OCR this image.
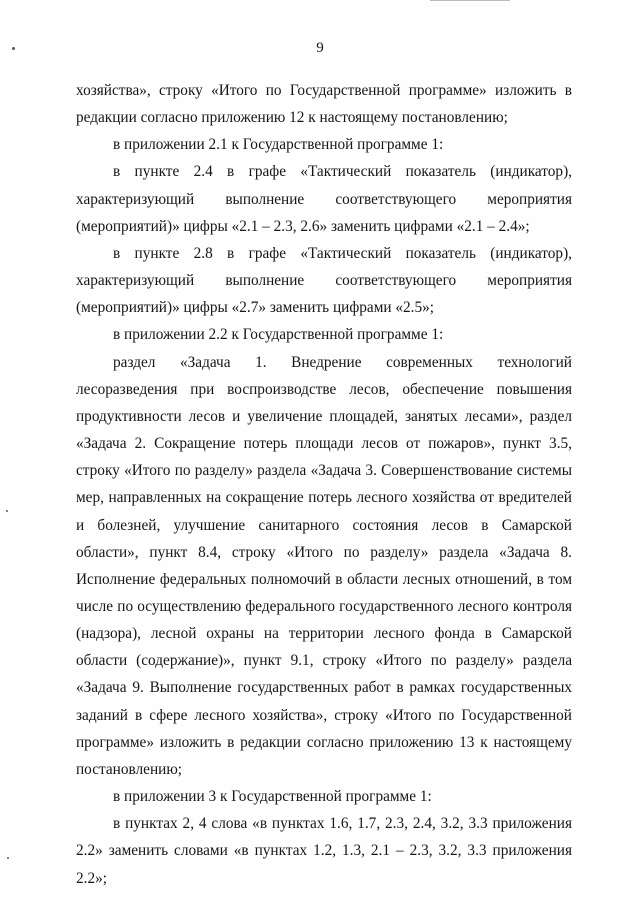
9

хозяйства», строку «Итого по Государственной программе» изложить в редакции согласно приложению 12 к настоящему постановлению;

в приложении 2.1 к Государственной программе 1:

в пункте 2.4 в графе «Тактический показатель (индикатор), характеризующий выполнение соответствующего мероприятия (мероприятий)» цифры «2.1 – 2.3, 2.6» заменить цифрами «2.1 – 2.4»;

в пункте 2.8 в графе «Тактический показатель (индикатор), характеризующий выполнение соответствующего мероприятия (мероприятий)» цифры «2.7» заменить цифрами «2.5»;

в приложении 2.2 к Государственной программе 1:

раздел «Задача 1. Внедрение современных технологий лесоразведения при воспроизводстве лесов, обеспечение повышения продуктивности лесов и увеличение площадей, занятых лесами», раздел «Задача 2. Сокращение потерь площади лесов от пожаров», пункт 3.5, строку «Итого по разделу» раздела «Задача 3. Совершенствование системы мер, направленных на сокращение потерь лесного хозяйства от вредителей и болезней, улучшение санитарного состояния лесов в Самарской области», пункт 8.4, строку «Итого по разделу» раздела «Задача 8. Исполнение федеральных полномочий в области лесных отношений, в том числе по осуществлению федерального государственного лесного контроля (надзора), лесной охраны на территории лесного фонда в Самарской области (содержание)», пункт 9.1, строку «Итого по разделу» раздела «Задача 9. Выполнение государственных работ в рамках государственных заданий в сфере лесного хозяйства», строку «Итого по Государственной программе» изложить в редакции согласно приложению 13 к настоящему постановлению;

в приложении 3 к Государственной программе 1:

в пунктах 2, 4 слова «в пунктах 1.6, 1.7, 2.3, 2.4, 3.2, 3.3 приложения 2.2» заменить словами «в пунктах 1.2, 1.3, 2.1 – 2.3, 3.2, 3.3 приложения 2.2»;
